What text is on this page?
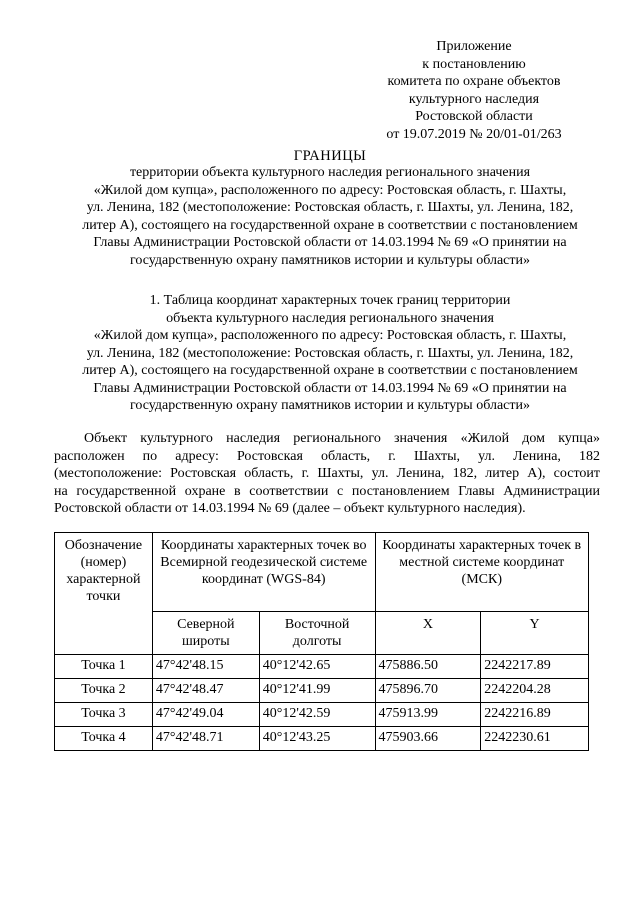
Приложение
к постановлению
комитета по охране объектов
культурного наследия
Ростовской области
от 19.07.2019 № 20/01-01/263
ГРАНИЦЫ
территории объекта культурного наследия регионального значения
«Жилой дом купца», расположенного по адресу: Ростовская область, г. Шахты,
ул. Ленина, 182 (местоположение: Ростовская область, г. Шахты, ул. Ленина, 182,
литер А), состоящего на государственной охране в соответствии с постановлением
Главы Администрации Ростовской области от 14.03.1994 № 69 «О принятии на
государственную охрану памятников истории и культуры области»
1. Таблица координат характерных точек границ территории
объекта культурного наследия регионального значения
«Жилой дом купца», расположенного по адресу: Ростовская область, г. Шахты,
ул. Ленина, 182 (местоположение: Ростовская область, г. Шахты, ул. Ленина, 182,
литер А), состоящего на государственной охране в соответствии с постановлением
Главы Администрации Ростовской области от 14.03.1994 № 69 «О принятии на
государственную охрану памятников истории и культуры области»
Объект культурного наследия регионального значения «Жилой дом купца»
расположен по адресу: Ростовская область, г. Шахты, ул. Ленина, 182
(местоположение: Ростовская область, г. Шахты, ул. Ленина, 182, литер А), состоит
на государственной охране в соответствии с постановлением Главы Администрации
Ростовской области от 14.03.1994 № 69 (далее – объект культурного наследия).
Обозначение (номер) характерной точки	Координаты характерных точек во Всемирной геодезической системе координат (WGS-84)		Координаты характерных точек в местной системе координат (МСК)	
	Северной широты	Восточной долготы	X	Y
Точка 1	47°42'48.15	40°12'42.65	475886.50	2242217.89
Точка 2	47°42'48.47	40°12'41.99	475896.70	2242204.28
Точка 3	47°42'49.04	40°12'42.59	475913.99	2242216.89
Точка 4	47°42'48.71	40°12'43.25	475903.66	2242230.61
